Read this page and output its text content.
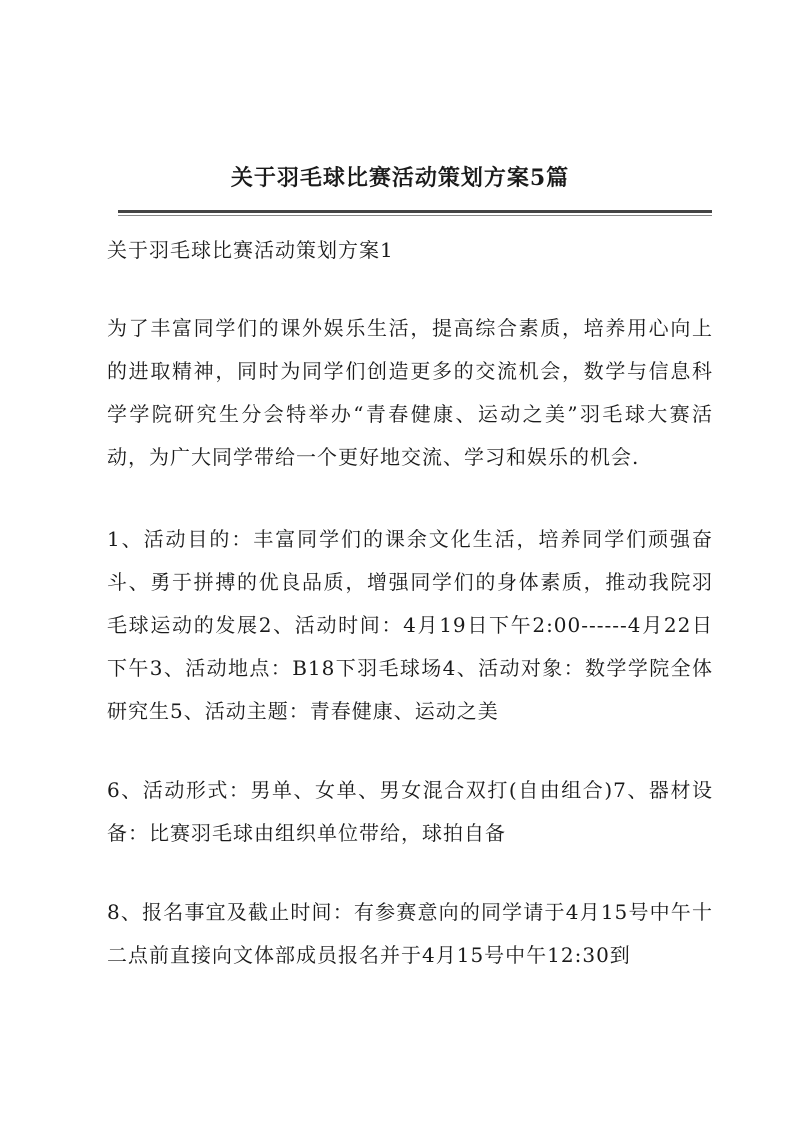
关于羽毛球比赛活动策划方案5篇
关于羽毛球比赛活动策划方案1
为了丰富同学们的课外娱乐生活，提高综合素质，培养用心向上的进取精神，同时为同学们创造更多的交流机会，数学与信息科学学院研究生分会特举办“青春健康、运动之美”羽毛球大赛活动，为广大同学带给一个更好地交流、学习和娱乐的机会.
1、活动目的：丰富同学们的课余文化生活，培养同学们顽强奋斗、勇于拼搏的优良品质，增强同学们的身体素质，推动我院羽毛球运动的发展2、活动时间：4月19日下午2:00------4月22日下午3、活动地点：B18下羽毛球场4、活动对象：数学学院全体研究生5、活动主题：青春健康、运动之美
6、活动形式：男单、女单、男女混合双打(自由组合)7、器材设备：比赛羽毛球由组织单位带给，球拍自备
8、报名事宜及截止时间：有参赛意向的同学请于4月15号中午十二点前直接向文体部成员报名并于4月15号中午12:30到
